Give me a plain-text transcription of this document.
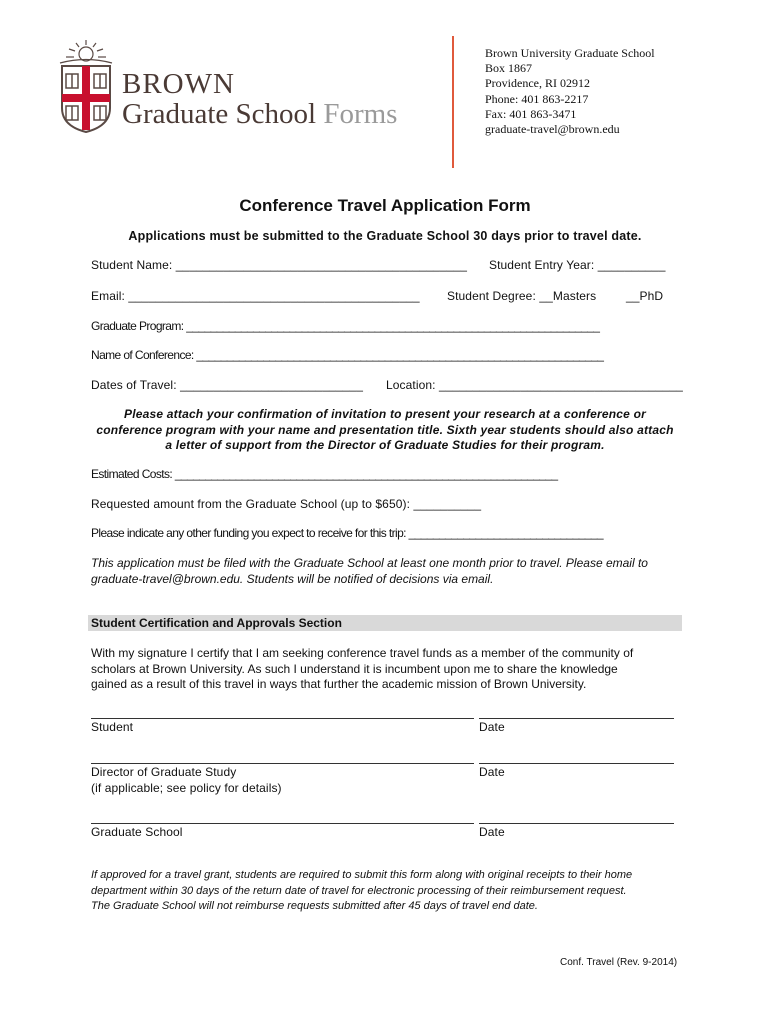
BROWN
Graduate School Forms
Brown University Graduate School
Box 1867
Providence, RI 02912
Phone: 401 863-2217
Fax: 401 863-3471
graduate-travel@brown.edu
Conference Travel Application Form
Applications must be submitted to the Graduate School 30 days prior to travel date.
Student Name: ___________________________________________ Student Entry Year: __________
Email: ___________________________________________ Student Degree: __Masters __PhD
Graduate Program: ____________________________________________________________________
Name of Conference: ___________________________________________________________________
Dates of Travel: ___________________________ Location: ____________________________________
Please attach your confirmation of invitation to present your research at a conference or
conference program with your name and presentation title. Sixth year students should also attach
a letter of support from the Director of Graduate Studies for their program.
Estimated Costs: _______________________________________________________________
Requested amount from the Graduate School (up to $650): __________
Please indicate any other funding you expect to receive for this trip: ________________________________
This application must be filed with the Graduate School at least one month prior to travel. Please email to
graduate-travel@brown.edu. Students will be notified of decisions via email.
Student Certification and Approvals Section
With my signature I certify that I am seeking conference travel funds as a member of the community of
scholars at Brown University. As such I understand it is incumbent upon me to share the knowledge
gained as a result of this travel in ways that further the academic mission of Brown University.
Student	Date
Director of Graduate Study
(if applicable; see policy for details)
Date
Graduate School	Date
If approved for a travel grant, students are required to submit this form along with original receipts to their home
department within 30 days of the return date of travel for electronic processing of their reimbursement request.
The Graduate School will not reimburse requests submitted after 45 days of travel end date.
Conf. Travel (Rev. 9-2014)
